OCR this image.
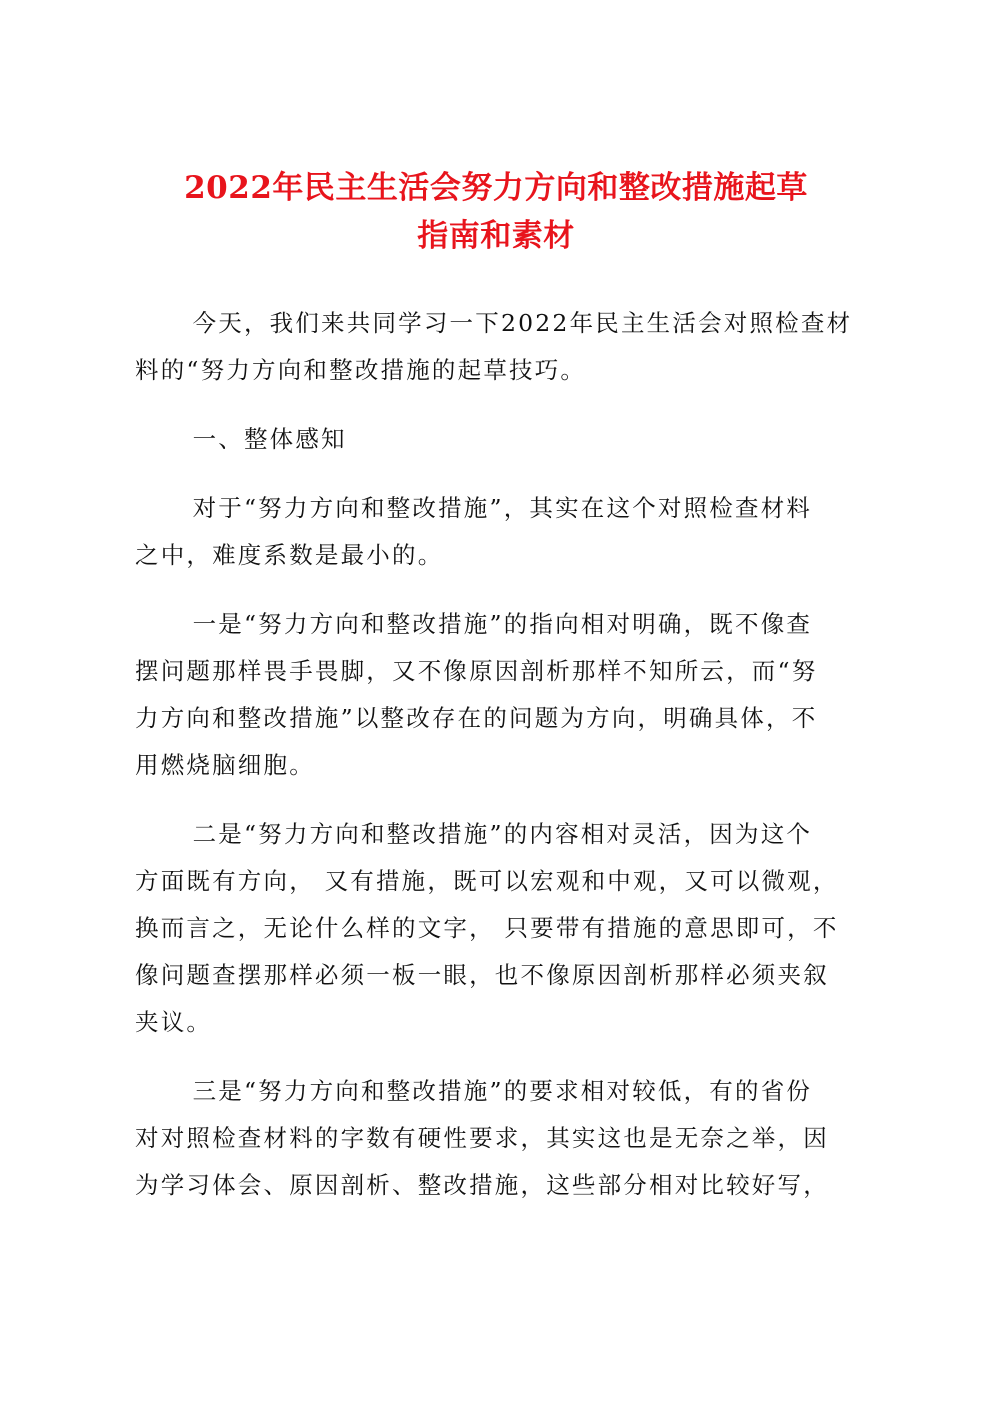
2022年民主生活会努力方向和整改措施起草
指南和素材

今天，我们来共同学习一下2022年民主生活会对照检查材
料的“努力方向和整改措施的起草技巧。

一、整体感知

对于“努力方向和整改措施”，其实在这个对照检查材料
之中，难度系数是最小的。

一是“努力方向和整改措施”的指向相对明确，既不像查
摆问题那样畏手畏脚，又不像原因剖析那样不知所云，而“努
力方向和整改措施”以整改存在的问题为方向，明确具体，不
用燃烧脑细胞。

二是“努力方向和整改措施”的内容相对灵活，因为这个
方面既有方向， 又有措施，既可以宏观和中观，又可以微观，
换而言之，无论什么样的文字， 只要带有措施的意思即可，不
像问题查摆那样必须一板一眼，也不像原因剖析那样必须夹叙
夹议。

三是“努力方向和整改措施”的要求相对较低，有的省份
对对照检查材料的字数有硬性要求，其实这也是无奈之举，因
为学习体会、原因剖析、整改措施，这些部分相对比较好写，
